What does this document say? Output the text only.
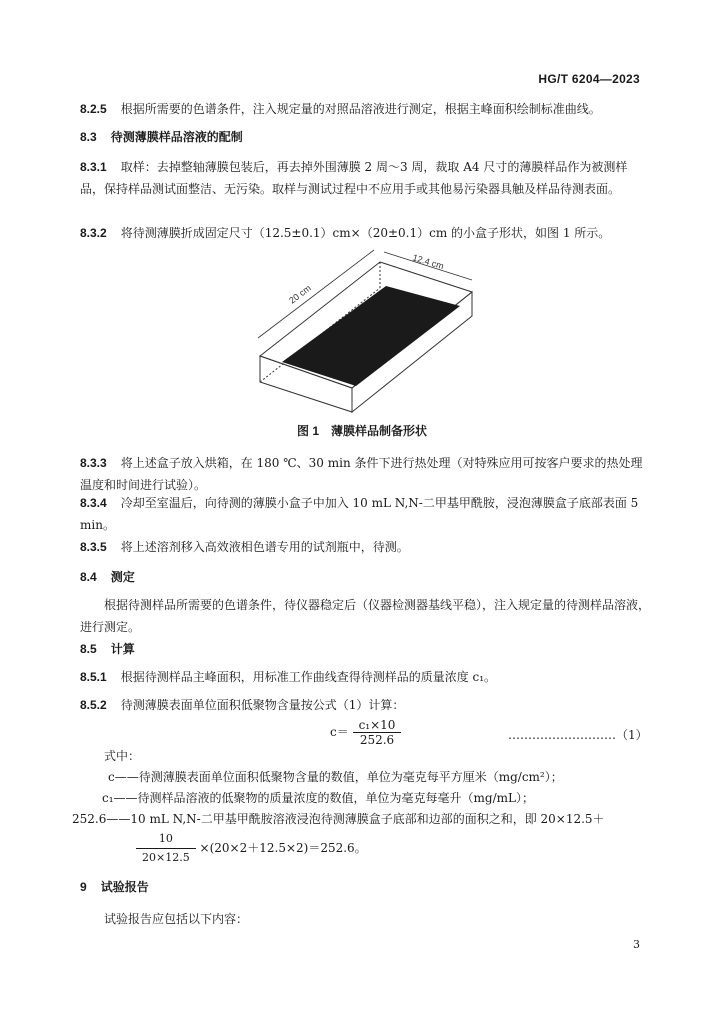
HG/T 6204—2023

8.2.5 根据所需要的色谱条件，注入规定量的对照品溶液进行测定，根据主峰面积绘制标准曲线。

8.3 待测薄膜样品溶液的配制

8.3.1 取样：去掉整轴薄膜包装后，再去掉外围薄膜 2 周～3 周，裁取 A4 尺寸的薄膜样品作为被测样品，保持样品测试面整洁、无污染。取样与测试过程中不应用手或其他易污染器具触及样品待测表面。

8.3.2 将待测薄膜折成固定尺寸（12.5±0.1）cm×（20±0.1）cm 的小盒子形状，如图 1 所示。

20 cm
12.4 cm
图 1 薄膜样品制备形状

8.3.3 将上述盒子放入烘箱，在 180 ℃、30 min 条件下进行热处理（对特殊应用可按客户要求的热处理温度和时间进行试验）。

8.3.4 冷却至室温后，向待测的薄膜小盒子中加入 10 mL N,N-二甲基甲酰胺，浸泡薄膜盒子底部表面 5 min。

8.3.5 将上述溶剂移入高效液相色谱专用的试剂瓶中，待测。

8.4 测定

根据待测样品所需要的色谱条件，待仪器稳定后（仪器检测器基线平稳），注入规定量的待测样品溶液，进行测定。

8.5 计算

8.5.1 根据待测样品主峰面积，用标准工作曲线查得待测样品的质量浓度 c₁。

8.5.2 待测薄膜表面单位面积低聚物含量按公式（1）计算：

$c= \frac{\text{c₁×10}}{252.6}$	………………………（1）

式中：

c——待测薄膜表面单位面积低聚物含量的数值，单位为毫克每平方厘米（mg/cm²）；

c₁——待测样品溶液的低聚物的质量浓度的数值，单位为毫克每毫升（mg/mL）；

252.6——10 mL N,N-二甲基甲酰胺溶液浸泡待测薄膜盒子底部和边部的面积之和，即 20×12.5＋

$\frac{10}{20\times 12.5} \times(20\times 2+12.5\times 2)=252.6$。

9 试验报告

试验报告应包括以下内容：

3
